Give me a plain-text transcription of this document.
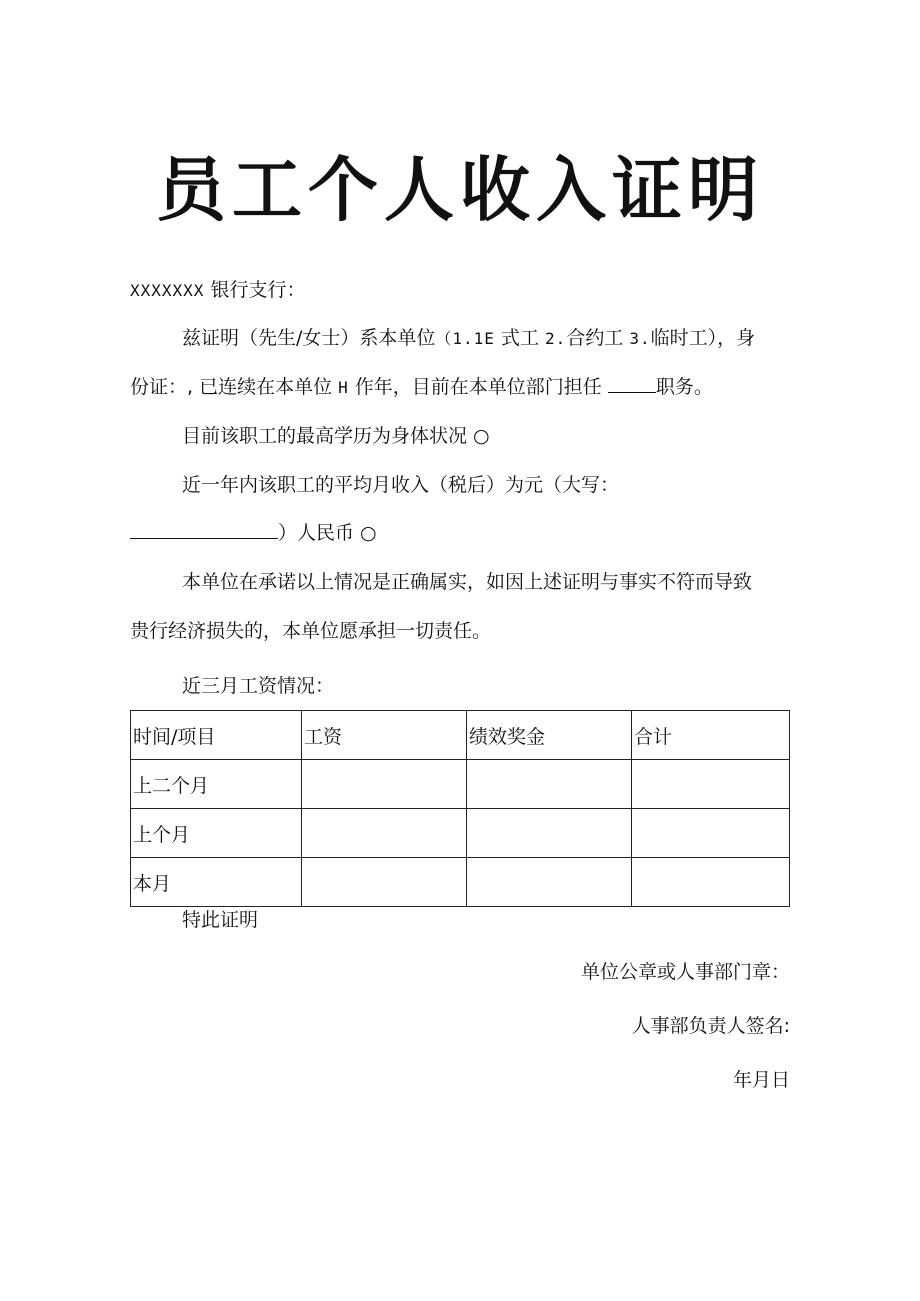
员工个人收入证明

XXXXXXX 银行支行：

兹证明（先生/女士）系本单位（1.1E 式工 2.合约工 3.临时工），身

份证：, 已连续在本单位 H 作年，目前在本单位部门担任	职务。

目前该职工的最高学历为身体状况 ○

近一年内该职工的平均月收入（税后）为元（大写：

）人民币 ○

本单位在承诺以上情况是正确属实，如因上述证明与事实不符而导致

贵行经济损失的，本单位愿承担一切责任。

近三月工资情况：

时间/项目	工资	绩效奖金	合计
上二个月			
上个月			
本月			

特此证明

单位公章或人事部门章：

人事部负责人签名:

年月日
